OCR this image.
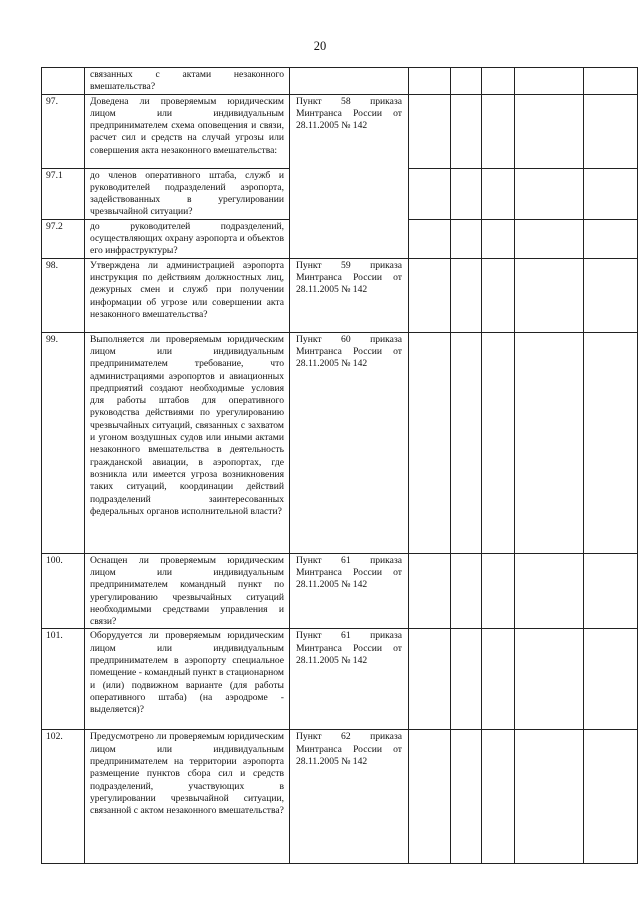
20
	связанных с актами незаконного вмешательства?						
97.	Доведена ли проверяемым юридическим лицом или индивидуальным предпринимателем схема оповещения и связи, расчет сил и средств на случай угрозы или совершения акта незаконного вмешательства:	Пункт 58 приказа Минтранса России от 28.11.2005 № 142					
97.1	до членов оперативного штаба, служб и руководителей подразделений аэропорта, задействованных в урегулировании чрезвычайной ситуации?						
97.2	до руководителей подразделений, осуществляющих охрану аэропорта и объектов его инфраструктуры?						
98.	Утверждена ли администрацией аэропорта инструкция по действиям должностных лиц, дежурных смен и служб при получении информации об угрозе или совершении акта незаконного вмешательства?	Пункт 59 приказа Минтранса России от 28.11.2005 № 142					
99.	Выполняется ли проверяемым юридическим лицом или индивидуальным предпринимателем требование, что администрациями аэропортов и авиационных предприятий создают необходимые условия для работы штабов для оперативного руководства действиями по урегулированию чрезвычайных ситуаций, связанных с захватом и угоном воздушных судов или иными актами незаконного вмешательства в деятельность гражданской авиации, в аэропортах, где возникла или имеется угроза возникновения таких ситуаций, координации действий подразделений заинтересованных федеральных органов исполнительной власти?	Пункт 60 приказа Минтранса России от 28.11.2005 № 142					
100.	Оснащен ли проверяемым юридическим лицом или индивидуальным предпринимателем командный пункт по урегулированию чрезвычайных ситуаций необходимыми средствами управления и связи?	Пункт 61 приказа Минтранса России от 28.11.2005 № 142					
101.	Оборудуется ли проверяемым юридическим лицом или индивидуальным предпринимателем в аэропорту специальное помещение - командный пункт в стационарном и (или) подвижном варианте (для работы оперативного штаба) (на аэродроме - выделяется)?	Пункт 61 приказа Минтранса России от 28.11.2005 № 142					
102.	Предусмотрено ли проверяемым юридическим лицом или индивидуальным предпринимателем на территории аэропорта размещение пунктов сбора сил и средств подразделений, участвующих в урегулировании чрезвычайной ситуации, связанной с актом незаконного вмешательства?	Пункт 62 приказа Минтранса России от 28.11.2005 № 142					
